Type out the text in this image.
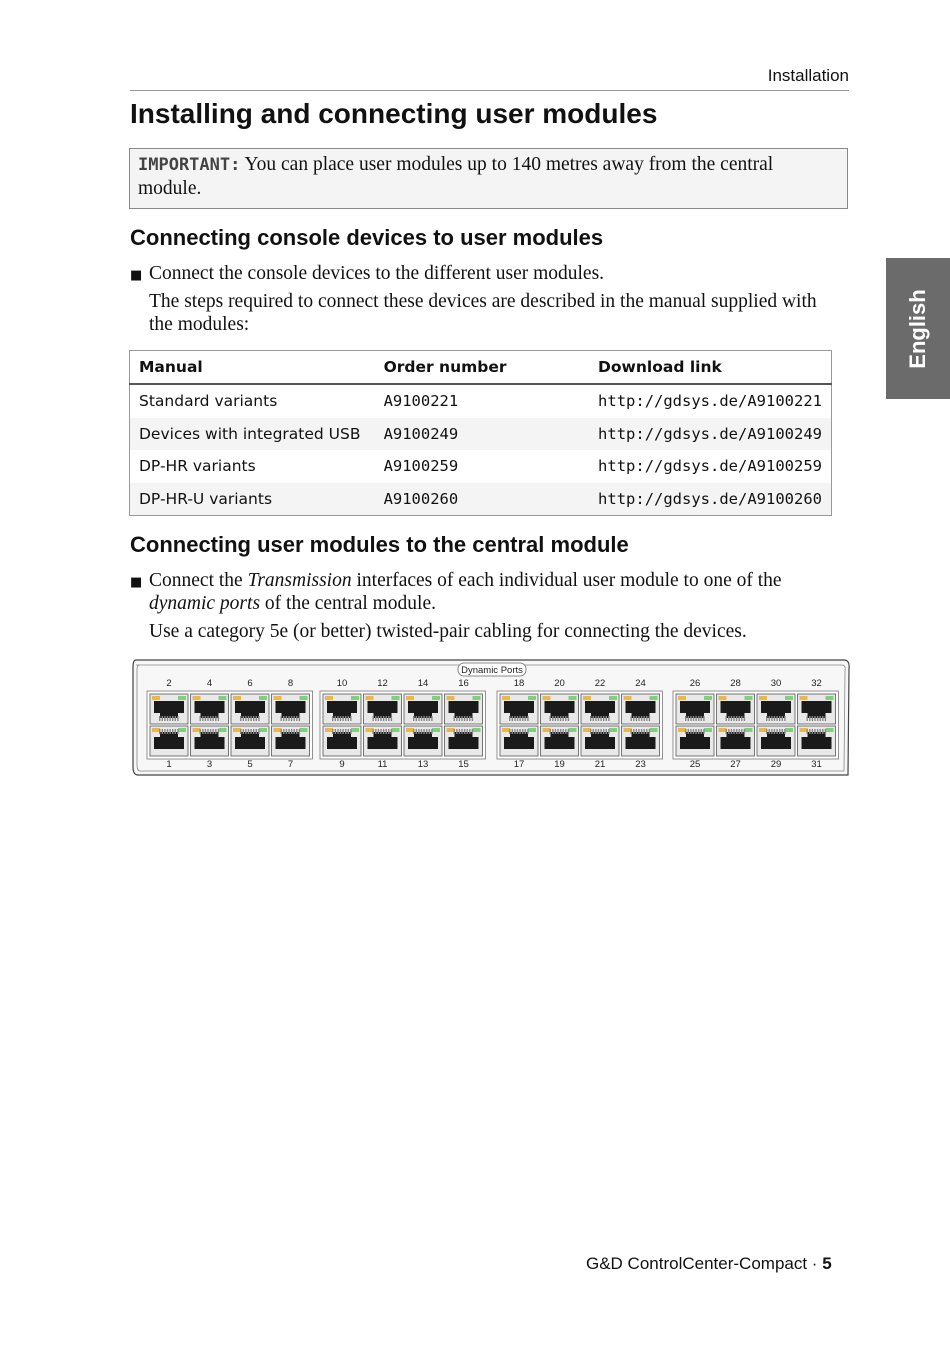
Installation
Installing and connecting user modules
IMPORTANT: You can place user modules up to 140 metres away from the central module.
English
Connecting console devices to user modules
■ Connect the console devices to the different user modules.
The steps required to connect these devices are described in the manual supplied with the modules:
Manual	Order number	Download link
Standard variants	A9100221	http://gdsys.de/A9100221
Devices with integrated USB	A9100249	http://gdsys.de/A9100249
DP-HR variants	A9100259	http://gdsys.de/A9100259
DP-HR-U variants	A9100260	http://gdsys.de/A9100260
Connecting user modules to the central module
■ Connect the Transmission interfaces of each individual user module to one of the dynamic ports of the central module.
Use a category 5e (or better) twisted-pair cabling for connecting the devices.
Dynamic Ports
2
1
4
3
6
5
8
7
10
9
12
11
14
13
16
15
18
17
20
19
22
21
24
23
26
25
28
27
30
29
32
31
G&D ControlCenter-Compact · 5
